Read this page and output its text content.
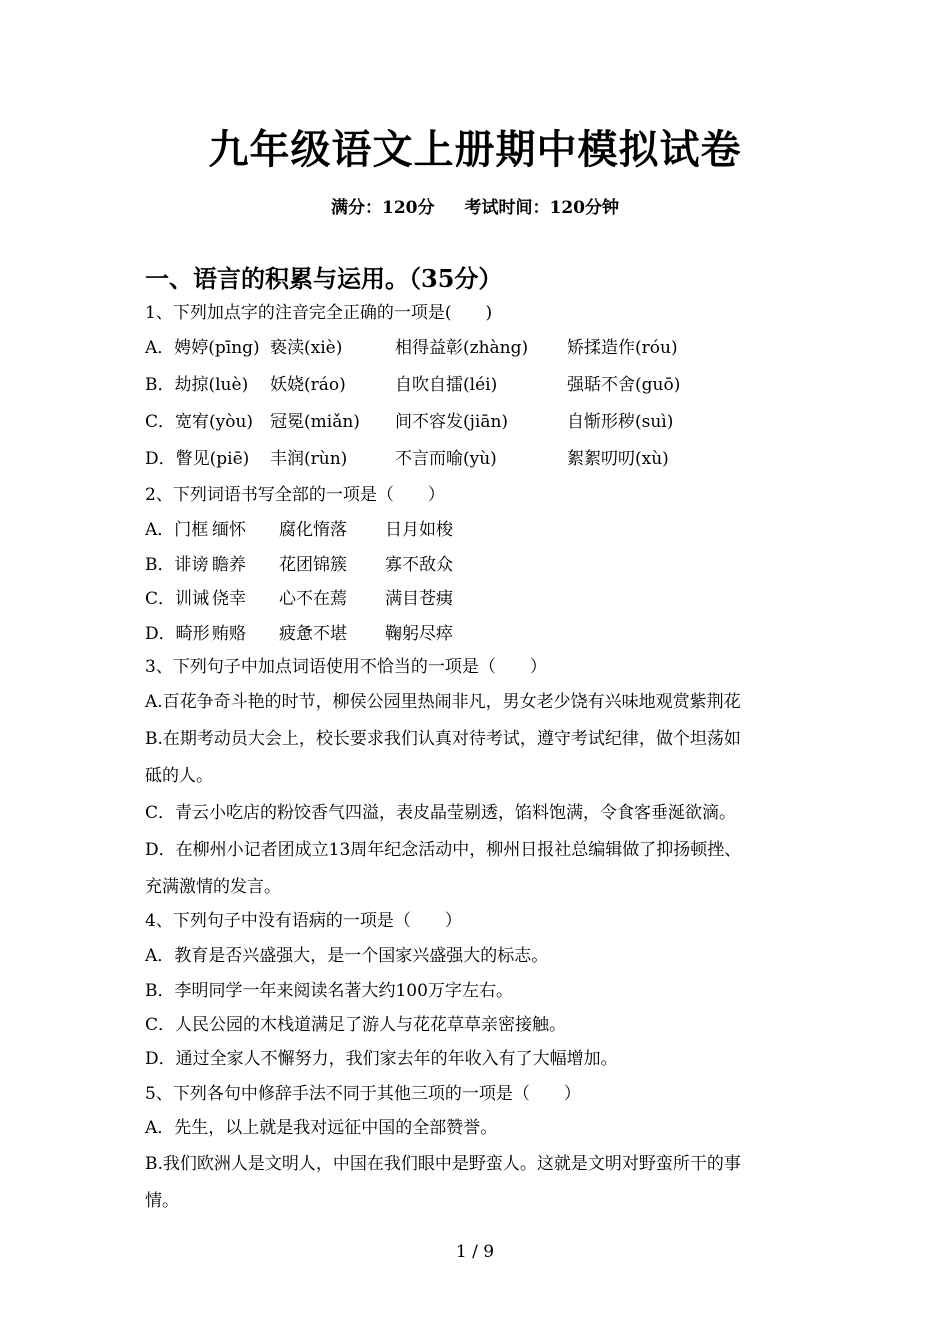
九年级语文上册期中模拟试卷
满分：120分 考试时间：120分钟
一、语言的积累与运用。（35分）
1、下列加点字的注音完全正确的一项是(　　)
A．娉婷(pīng) 亵渎(xiè)	相得益彰(zhàng) 矫揉造作(róu)
B．劫掠(luè) 妖娆(ráo)	自吹自擂(léi)	强聒不舍(guō)
C．宽宥(yòu) 冠冕(miǎn) 间不容发(jiān)	自惭形秽(suì)
D．瞥见(piē) 丰润(rùn)	不言而喻(yù)	絮絮叨叨(xù)
2、下列词语书写全部的一项是（　　）
A．门框 缅怀 腐化惰落 日月如梭
B．诽谤 瞻养 花团锦簇 寡不敌众
C．训诫 侥幸 心不在蔫 满目苍痍
D．畸形 贿赂 疲惫不堪 鞠躬尽瘁
3、下列句子中加点词语使用不恰当的一项是（　　）
A.百花争奇斗艳的时节，柳侯公园里热闹非凡，男女老少饶有兴味地观赏紫荆花
B.在期考动员大会上，校长要求我们认真对待考试，遵守考试纪律，做个坦荡如
砥的人。
C．青云小吃店的粉饺香气四溢，表皮晶莹剔透，馅料饱满，令食客垂涎欲滴。
D．在柳州小记者团成立13周年纪念活动中，柳州日报社总编辑做了抑扬顿挫、
充满激情的发言。
4、下列句子中没有语病的一项是（　　）
A．教育是否兴盛强大，是一个国家兴盛强大的标志。
B．李明同学一年来阅读名著大约100万字左右。
C．人民公园的木栈道满足了游人与花花草草亲密接触。
D．通过全家人不懈努力，我们家去年的年收入有了大幅增加。
5、下列各句中修辞手法不同于其他三项的一项是（　　）
A．先生，以上就是我对远征中国的全部赞誉。
B.我们欧洲人是文明人，中国在我们眼中是野蛮人。这就是文明对野蛮所干的事
情。
1 / 9
